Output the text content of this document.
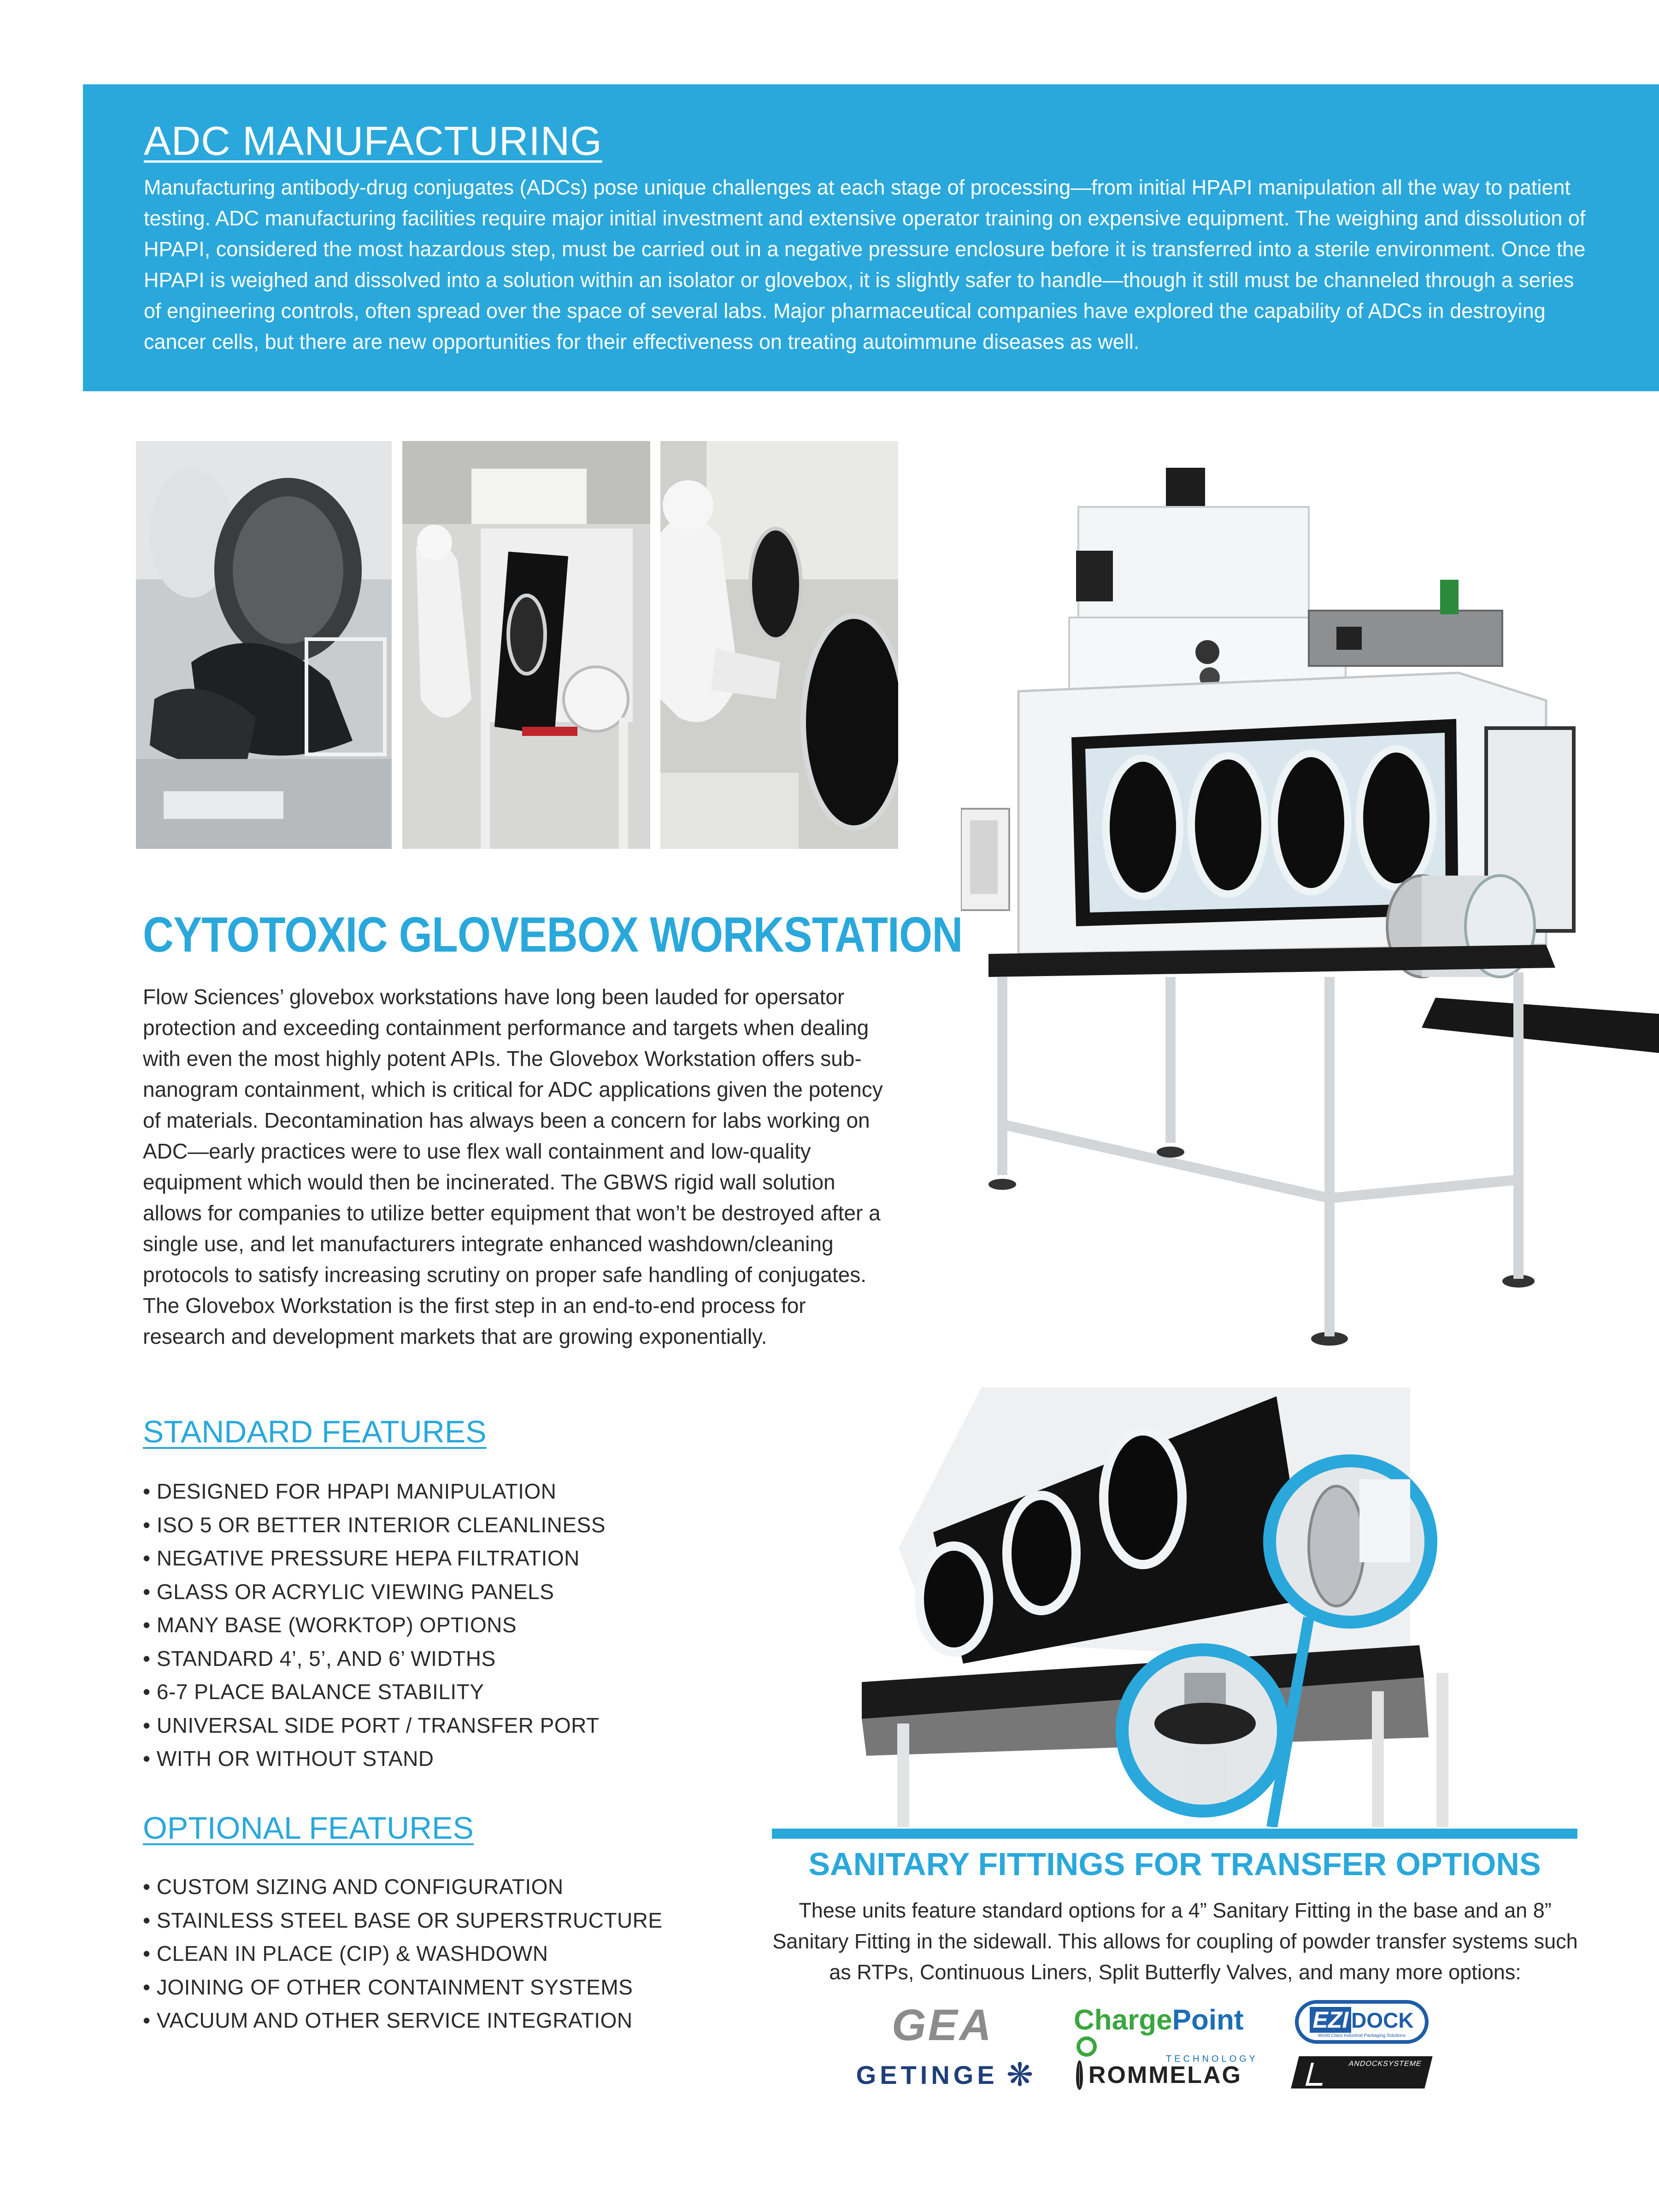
ADC MANUFACTURING
Manufacturing antibody-drug conjugates (ADCs) pose unique challenges at each stage of processing—from initial HPAPI manipulation all the way to patient testing. ADC manufacturing facilities require major initial investment and extensive operator training on expensive equipment. The weighing and dissolution of HPAPI, considered the most hazardous step, must be carried out in a negative pressure enclosure before it is transferred into a sterile environment. Once the HPAPI is weighed and dissolved into a solution within an isolator or glovebox, it is slightly safer to handle—though it still must be channeled through a series of engineering controls, often spread over the space of several labs. Major pharmaceutical companies have explored the capability of ADCs in destroying cancer cells, but there are new opportunities for their effectiveness on treating autoimmune diseases as well.
CYTOTOXIC GLOVEBOX WORKSTATION
Flow Sciences’ glovebox workstations have long been lauded for opersator protection and exceeding containment performance and targets when dealing with even the most highly potent APIs. The Glovebox Workstation offers sub-nanogram containment, which is critical for ADC applications given the potency of materials. Decontamination has always been a concern for labs working on ADC—early practices were to use flex wall containment and low-quality equipment which would then be incinerated. The GBWS rigid wall solution allows for companies to utilize better equipment that won’t be destroyed after a single use, and let manufacturers integrate enhanced washdown/cleaning protocols to satisfy increasing scrutiny on proper safe handling of conjugates. The Glovebox Workstation is the first step in an end-to-end process for research and development markets that are growing exponentially.
STANDARD FEATURES
• DESIGNED FOR HPAPI MANIPULATION
• ISO 5 OR BETTER INTERIOR CLEANLINESS
• NEGATIVE PRESSURE HEPA FILTRATION
• GLASS OR ACRYLIC VIEWING PANELS
• MANY BASE (WORKTOP) OPTIONS
• STANDARD 4’, 5’, AND 6’ WIDTHS
• 6-7 PLACE BALANCE STABILITY
• UNIVERSAL SIDE PORT / TRANSFER PORT
• WITH OR WITHOUT STAND
OPTIONAL FEATURES
• CUSTOM SIZING AND CONFIGURATION
• STAINLESS STEEL BASE OR SUPERSTRUCTURE
• CLEAN IN PLACE (CIP) & WASHDOWN
• JOINING OF OTHER CONTAINMENT SYSTEMS
• VACUUM AND OTHER SERVICE INTEGRATION
SANITARY FITTINGS FOR TRANSFER OPTIONS
These units feature standard options for a 4” Sanitary Fitting in the base and an 8” Sanitary Fitting in the sidewall. This allows for coupling of powder transfer systems such as RTPs, Continuous Liners, Split Butterfly Valves, and many more options:
GEA	ChargePoint
TECHNOLOGY
EZI DOCK
World Class Industrial Packaging Solutions
GETINGE ❋ ROMMELAG	ANDOCKSYSTEME
